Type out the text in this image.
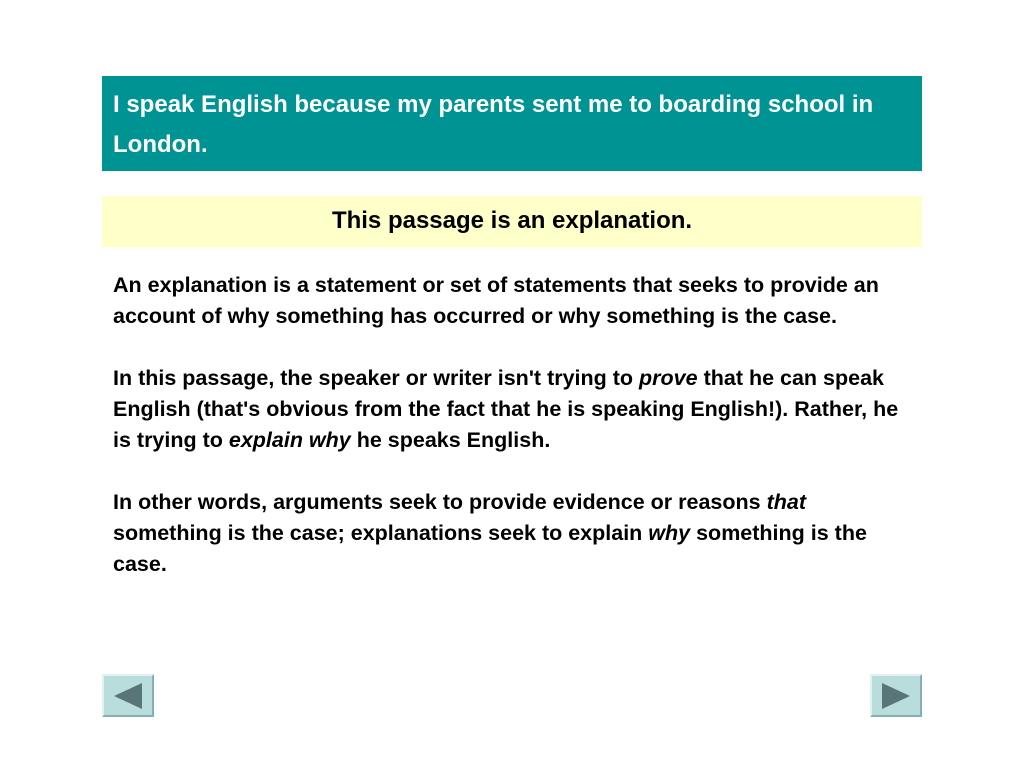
I speak English because my parents sent me to boarding school in London.
This passage is an explanation.

An explanation is a statement or set of statements that seeks to provide an account of why something has occurred or why something is the case.

In this passage, the speaker or writer isn't trying to prove that he can speak English (that's obvious from the fact that he is speaking English!). Rather, he is trying to explain why he speaks English.

In other words, arguments seek to provide evidence or reasons that something is the case; explanations seek to explain why something is the case.
